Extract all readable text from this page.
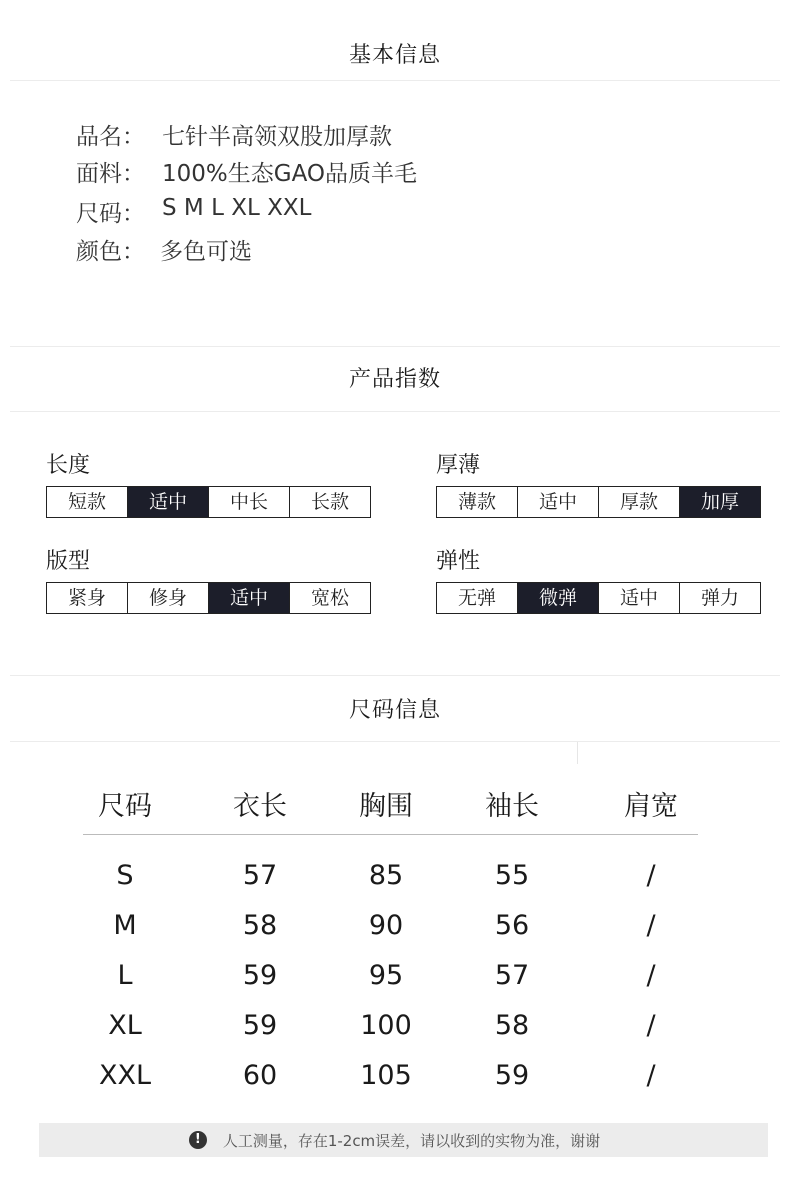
基本信息
品名： 七针半高领双股加厚款
面料： 100%生态GAO品质羊毛
尺码： S M L XL XXL
颜色： 多色可选
产品指数
长度
短款	适中	中长	长款
厚薄
薄款	适中	厚款	加厚
版型
紧身	修身	适中	宽松
弹性
无弹	微弹	适中	弹力
尺码信息
尺码	衣长	胸围	袖长	肩宽
S	57	85	55	/
M	58	90	56	/
L	59	95	57	/
XL	59	100	58	/
XXL	60	105	59	/
!	人工测量，存在1-2cm误差，请以收到的实物为准，谢谢
